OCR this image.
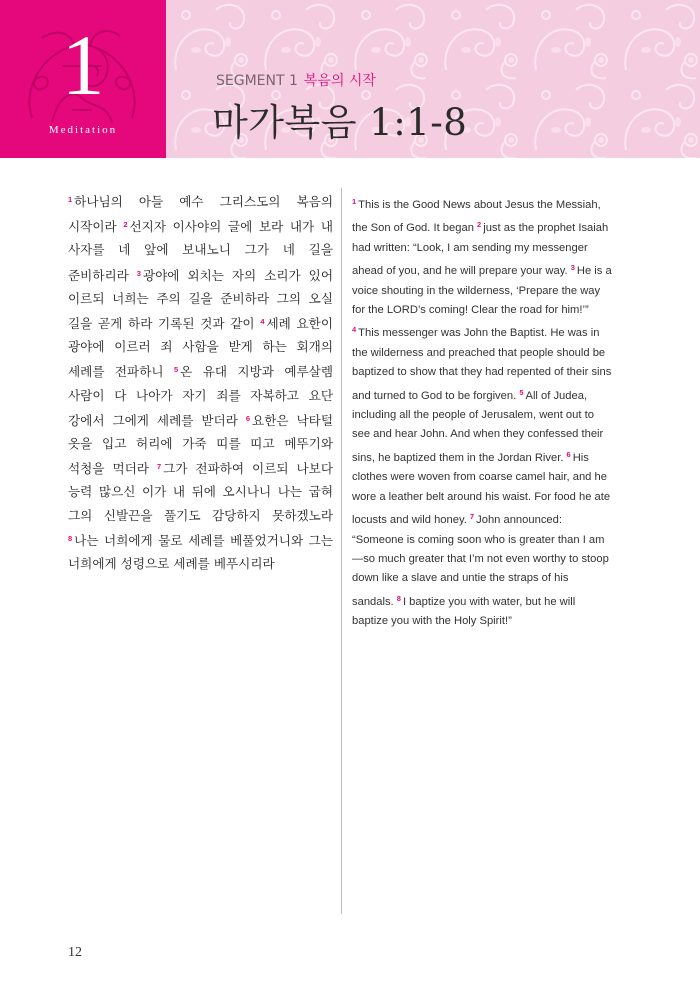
1
Meditation
SEGMENT 1 복음의 시작
마가복음 1:1-8
$^1$ 하나님의 아들 예수 그리스도의 복음의 시작이라 $^2$ 선지자 이사야의 글에 보라 내가 내 사자를 네 앞에 보내노니 그가 네 길을 준비하리라 $^3$ 광야에 외치는 자의 소리가 있어 이르되 너희는 주의 길을 준비하라 그의 오실 길을 곧게 하라 기록된 것과 같이 $^4$ 세례 요한이 광야에 이르러 죄 사함을 받게 하는 회개의 세례를 전파하니 $^5$ 온 유대 지방과 예루살렘 사람이 다 나아가 자기 죄를 자복하고 요단 강에서 그에게 세례를 받더라 $^6$ 요한은 낙타털 옷을 입고 허리에 가죽 띠를 띠고 메뚜기와 석청을 먹더라 $^7$ 그가 전파하여 이르되 나보다 능력 많으신 이가 내 뒤에 오시나니 나는 굽혀 그의 신발끈을 풀기도 감당하지 못하겠노라 $^8$ 나는 너희에게 물로 세례를 베풀었거니와 그는 너희에게 성령으로 세례를 베푸시리라
$^1$ This is the Good News about Jesus the Messiah, the Son of God. It began $^2$ just as the prophet Isaiah had written: “Look, I am sending my messenger ahead of you, and he will prepare your way. $^3$ He is a voice shouting in the wilderness, ‘Prepare the way for the LORD’s coming! Clear the road for him!’” $^4$ This messenger was John the Baptist. He was in the wilderness and preached that people should be baptized to show that they had repented of their sins and turned to God to be forgiven. $^5$ All of Judea, including all the people of Jerusalem, went out to see and hear John. And when they confessed their sins, he baptized them in the Jordan River. $^6$ His clothes were woven from coarse camel hair, and he wore a leather belt around his waist. For food he ate locusts and wild honey. $^7$ John announced: “Someone is coming soon who is greater than I am—so much greater that I’m not even worthy to stoop down like a slave and untie the straps of his sandals. $^8$ I baptize you with water, but he will baptize you with the Holy Spirit!”
12
